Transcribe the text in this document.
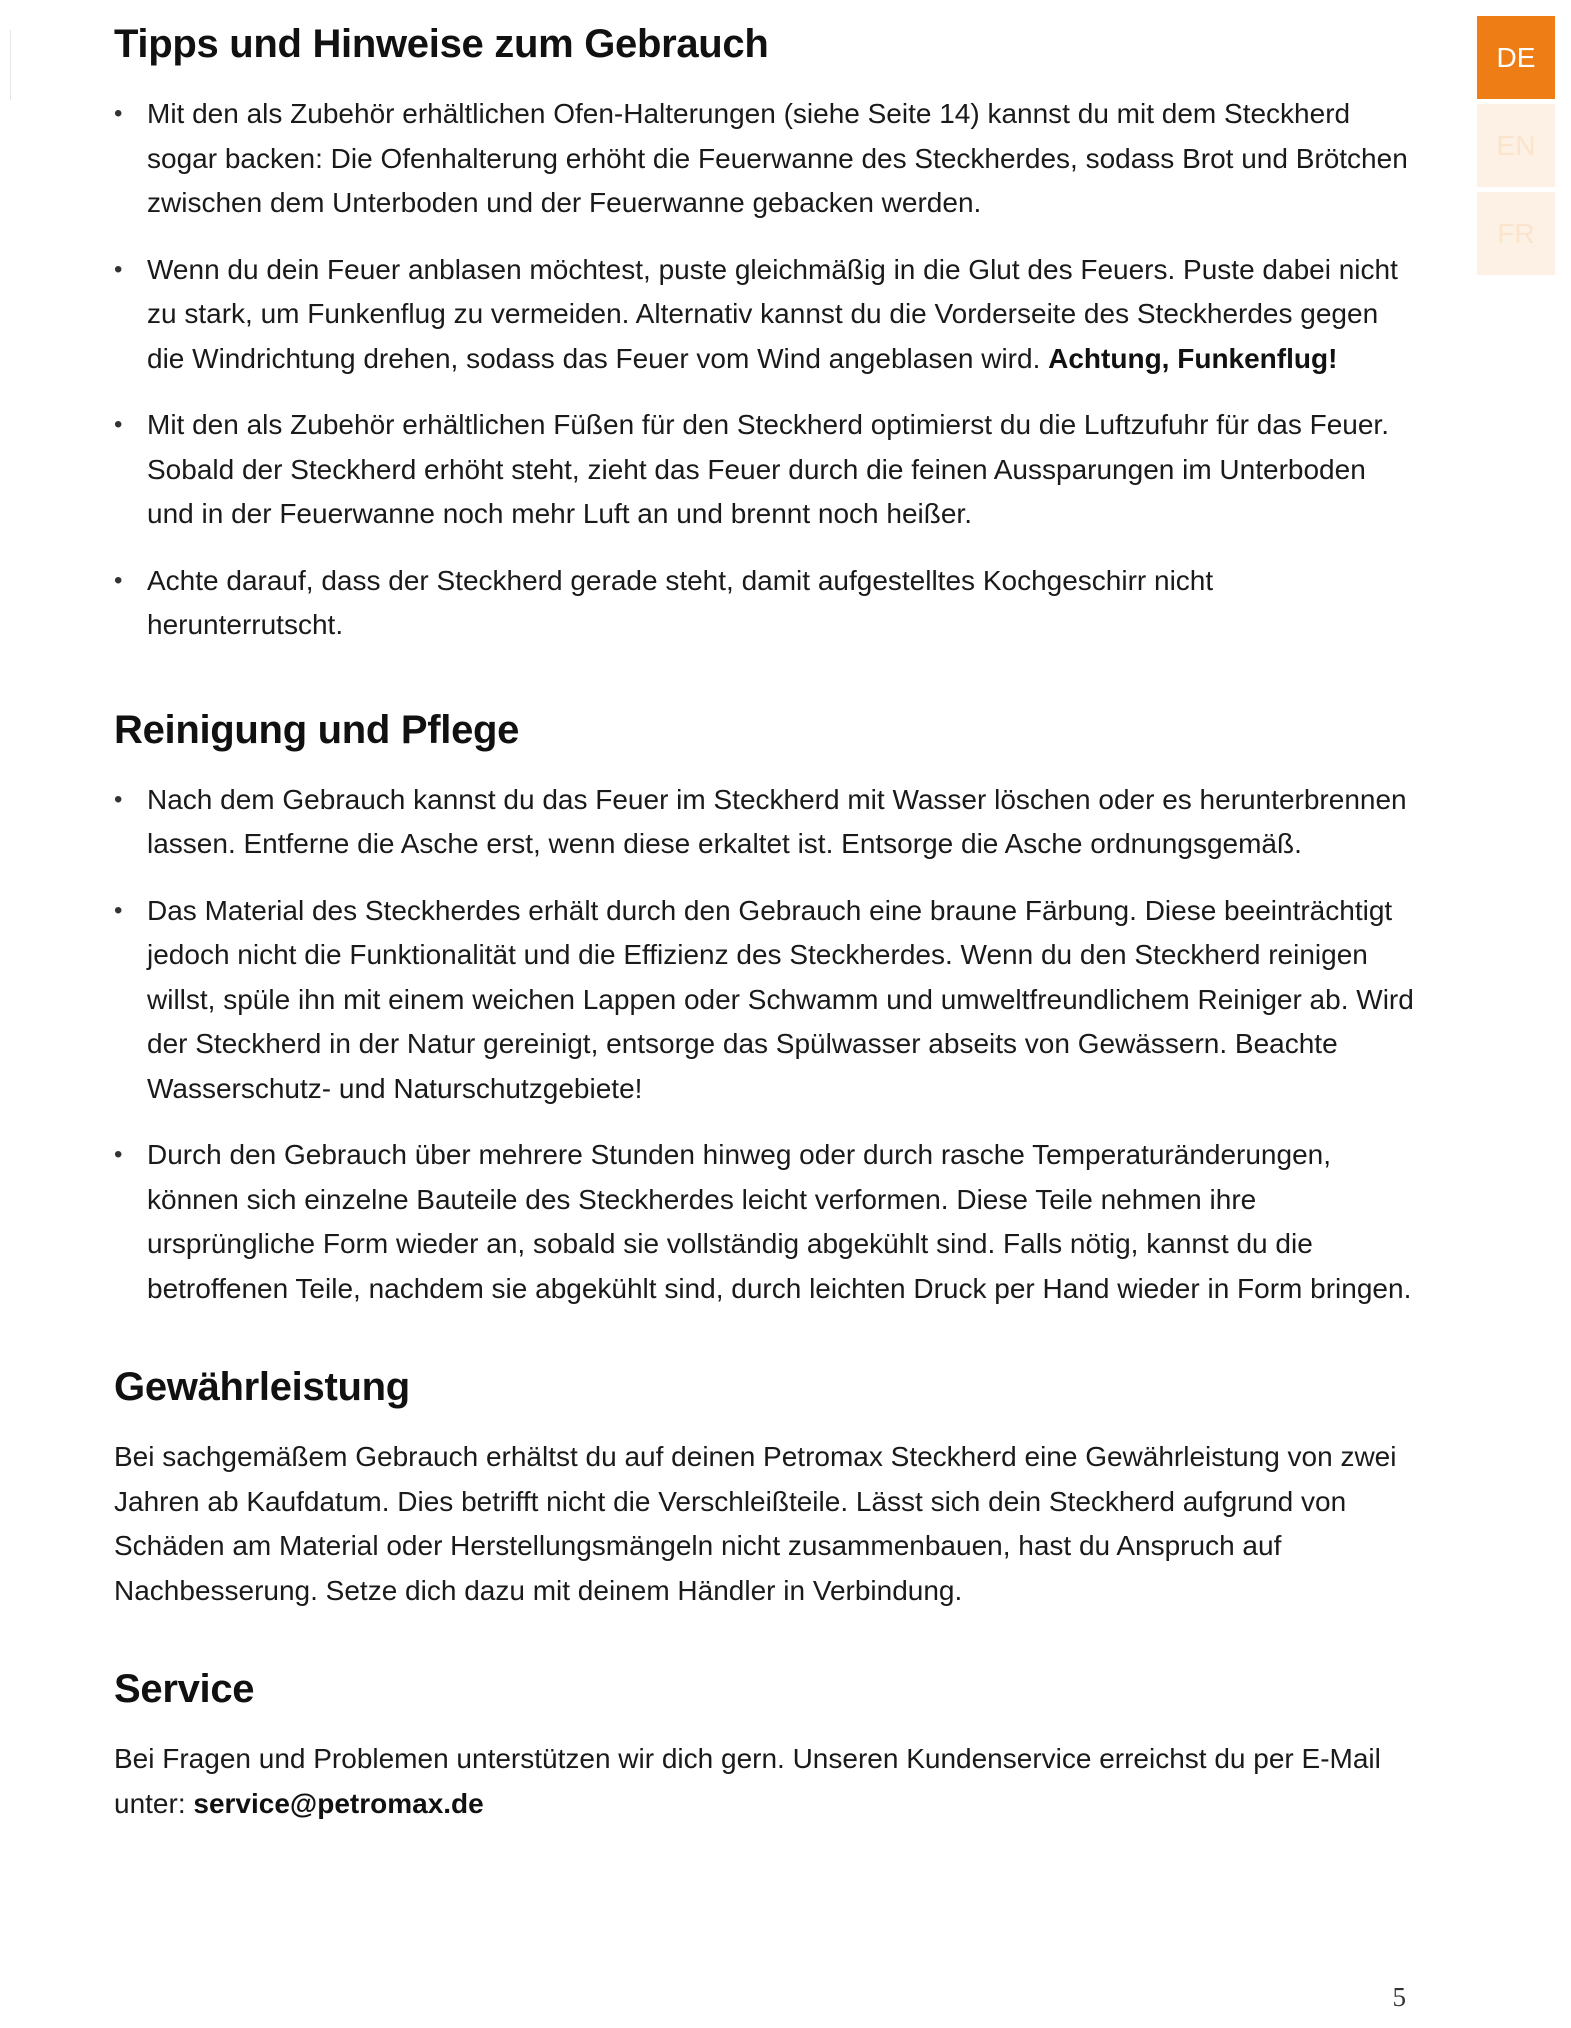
DE
EN
FR
Tipps und Hinweise zum Gebrauch
• Mit den als Zubehör erhältlichen Ofen-Halterungen (siehe Seite 14) kannst du mit dem Steckherd sogar backen: Die Ofenhalterung erhöht die Feuerwanne des Steckherdes, sodass Brot und Brötchen zwischen dem Unterboden und der Feuerwanne gebacken werden.
• Wenn du dein Feuer anblasen möchtest, puste gleichmäßig in die Glut des Feuers. Puste dabei nicht zu stark, um Funkenflug zu vermeiden. Alternativ kannst du die Vorderseite des Steckherdes gegen die Windrichtung drehen, sodass das Feuer vom Wind angeblasen wird. Achtung, Funkenflug!
• Mit den als Zubehör erhältlichen Füßen für den Steckherd optimierst du die Luftzufuhr für das Feuer. Sobald der Steckherd erhöht steht, zieht das Feuer durch die feinen Aussparungen im Unterboden und in der Feuerwanne noch mehr Luft an und brennt noch heißer.
• Achte darauf, dass der Steckherd gerade steht, damit aufgestelltes Kochgeschirr nicht herunterrutscht.
Reinigung und Pflege
• Nach dem Gebrauch kannst du das Feuer im Steckherd mit Wasser löschen oder es herunterbrennen lassen. Entferne die Asche erst, wenn diese erkaltet ist. Entsorge die Asche ordnungsgemäß.
• Das Material des Steckherdes erhält durch den Gebrauch eine braune Färbung. Diese beeinträchtigt jedoch nicht die Funktionalität und die Effizienz des Steckherdes. Wenn du den Steckherd reinigen willst, spüle ihn mit einem weichen Lappen oder Schwamm und umweltfreundlichem Reiniger ab. Wird der Steckherd in der Natur gereinigt, entsorge das Spülwasser abseits von Gewässern. Beachte Wasserschutz- und Naturschutzgebiete!
• Durch den Gebrauch über mehrere Stunden hinweg oder durch rasche Temperaturänderungen, können sich einzelne Bauteile des Steckherdes leicht verformen. Diese Teile nehmen ihre ursprüngliche Form wieder an, sobald sie vollständig abgekühlt sind. Falls nötig, kannst du die betroffenen Teile, nachdem sie abgekühlt sind, durch leichten Druck per Hand wieder in Form bringen.
Gewährleistung

Bei sachgemäßem Gebrauch erhältst du auf deinen Petromax Steckherd eine Gewährleistung von zwei Jahren ab Kaufdatum. Dies betrifft nicht die Verschleißteile. Lässt sich dein Steckherd aufgrund von Schäden am Material oder Herstellungsmängeln nicht zusammenbauen, hast du Anspruch auf Nachbesserung. Setze dich dazu mit deinem Händler in Verbindung.

Service

Bei Fragen und Problemen unterstützen wir dich gern. Unseren Kundenservice erreichst du per E-Mail unter: service@petromax.de

5
